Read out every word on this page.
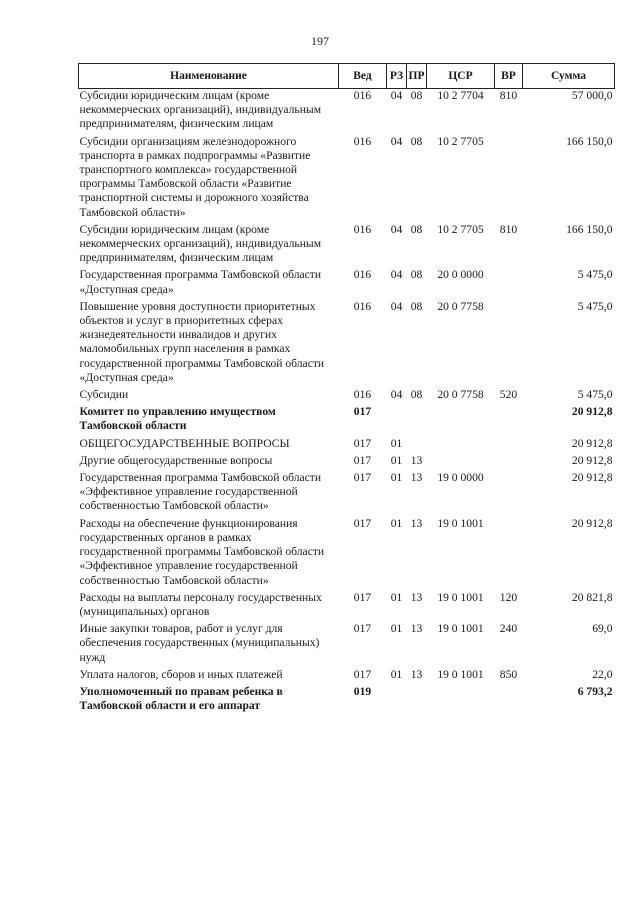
197
Наименование	Вед	РЗ	ПР	ЦСР	ВР	Сумма
Субсидии юридическим лицам (кроме некоммерческих организаций), индивидуальным предпринимателям, физическим лицам	016	04	08	10 2 7704	810	57 000,0
Субсидии организациям железнодорожного транспорта в рамках подпрограммы «Развитие транспортного комплекса» государственной программы Тамбовской области «Развитие транспортной системы и дорожного хозяйства Тамбовской области»	016	04	08	10 2 7705		166 150,0
Субсидии юридическим лицам (кроме некоммерческих организаций), индивидуальным предпринимателям, физическим лицам	016	04	08	10 2 7705	810	166 150,0
Государственная программа Тамбовской области «Доступная среда»	016	04	08	20 0 0000		5 475,0
Повышение уровня доступности приоритетных объектов и услуг в приоритетных сферах жизнедеятельности инвалидов и других маломобильных групп населения в рамках государственной программы Тамбовской области «Доступная среда»	016	04	08	20 0 7758		5 475,0
Субсидии	016	04	08	20 0 7758	520	5 475,0
Комитет по управлению имуществом Тамбовской области	017					20 912,8
ОБЩЕГОСУДАРСТВЕННЫЕ ВОПРОСЫ	017	01				20 912,8
Другие общегосударственные вопросы	017	01	13			20 912,8
Государственная программа Тамбовской области «Эффективное управление государственной собственностью Тамбовской области»	017	01	13	19 0 0000		20 912,8
Расходы на обеспечение функционирования государственных органов в рамках государственной программы Тамбовской области «Эффективное управление государственной собственностью Тамбовской области»	017	01	13	19 0 1001		20 912,8
Расходы на выплаты персоналу государственных (муниципальных) органов	017	01	13	19 0 1001	120	20 821,8
Иные закупки товаров, работ и услуг для обеспечения государственных (муниципальных) нужд	017	01	13	19 0 1001	240	69,0
Уплата налогов, сборов и иных платежей	017	01	13	19 0 1001	850	22,0
Уполномоченный по правам ребенка в Тамбовской области и его аппарат	019					6 793,2
